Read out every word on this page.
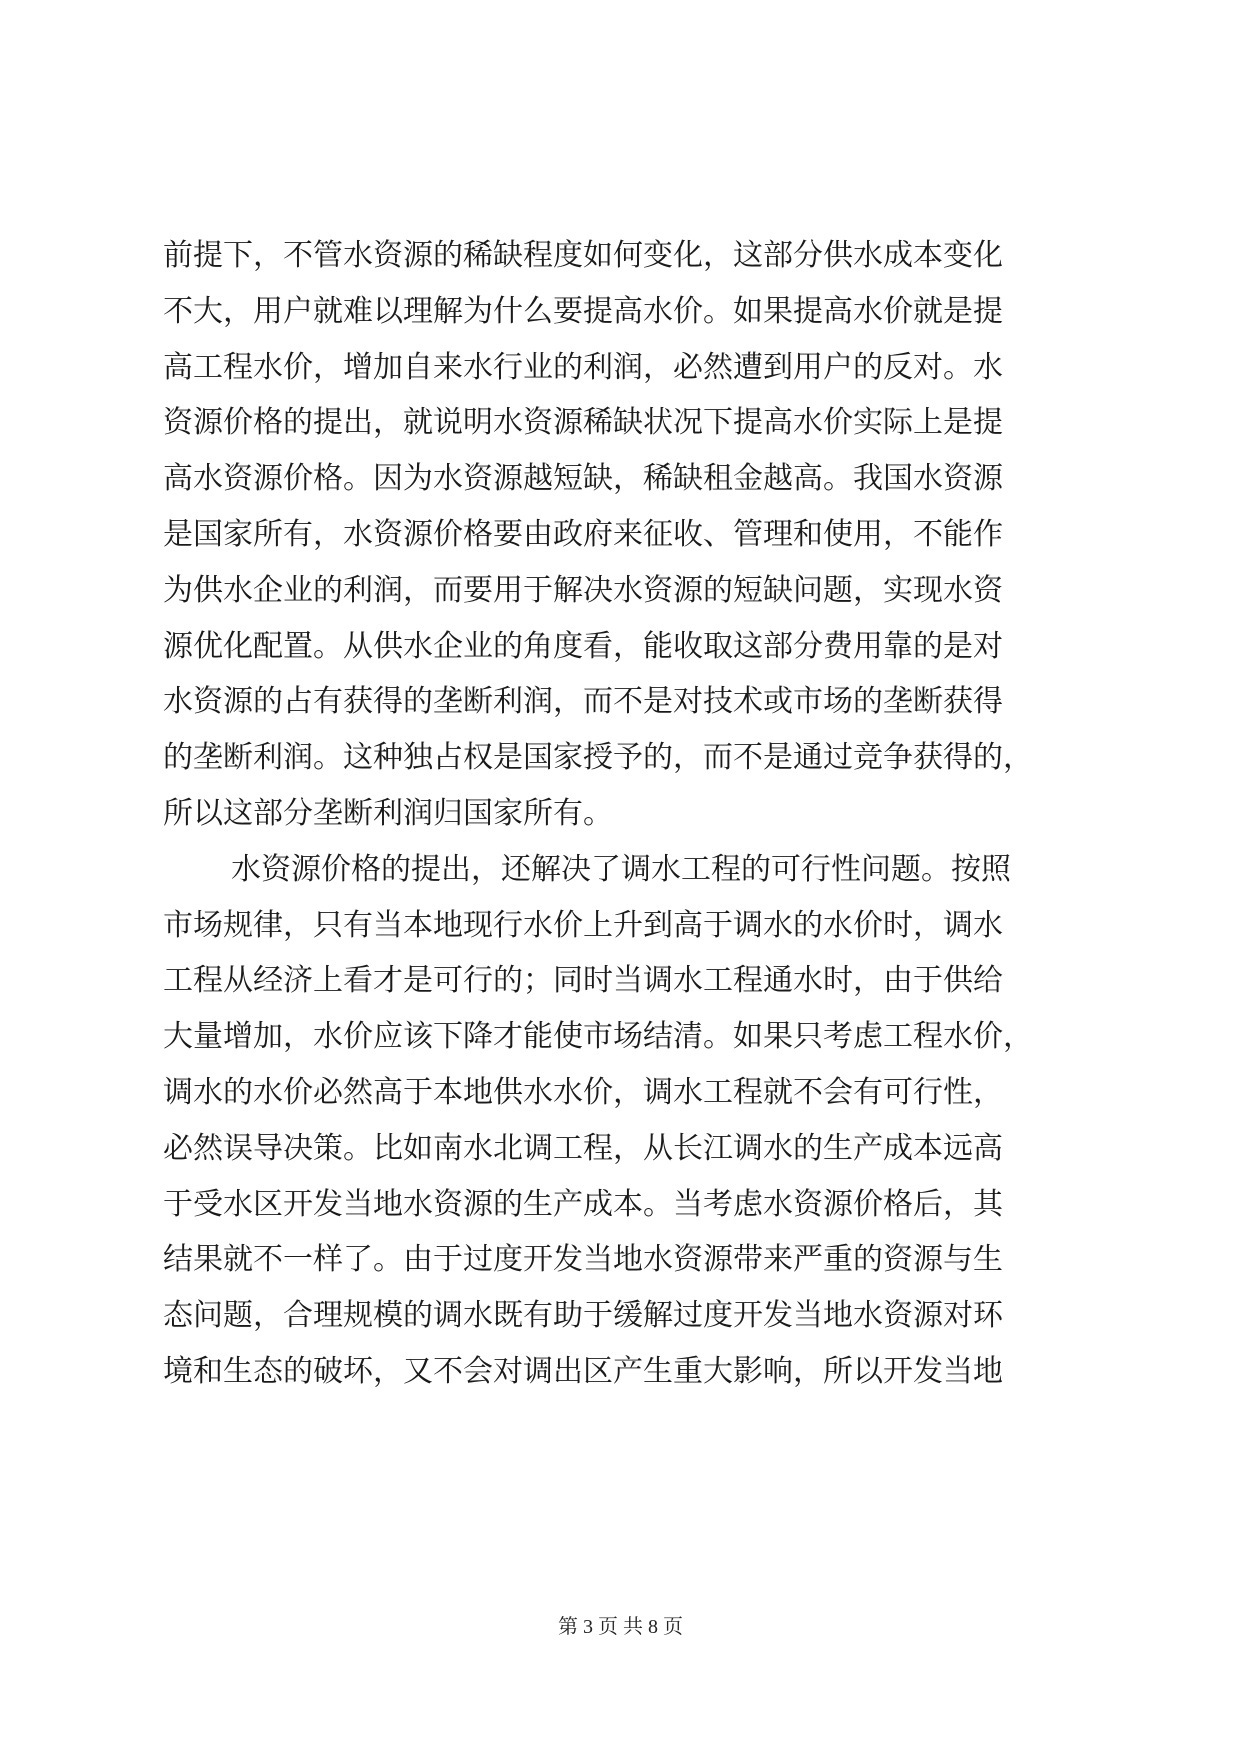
前提下，不管水资源的稀缺程度如何变化，这部分供水成本变化
不大，用户就难以理解为什么要提高水价。如果提高水价就是提
高工程水价，增加自来水行业的利润，必然遭到用户的反对。水
资源价格的提出，就说明水资源稀缺状况下提高水价实际上是提
高水资源价格。因为水资源越短缺，稀缺租金越高。我国水资源
是国家所有，水资源价格要由政府来征收、管理和使用，不能作
为供水企业的利润，而要用于解决水资源的短缺问题，实现水资
源优化配置。从供水企业的角度看，能收取这部分费用靠的是对
水资源的占有获得的垄断利润，而不是对技术或市场的垄断获得
的垄断利润。这种独占权是国家授予的，而不是通过竞争获得的，
所以这部分垄断利润归国家所有。
水资源价格的提出，还解决了调水工程的可行性问题。按照
市场规律，只有当本地现行水价上升到高于调水的水价时，调水
工程从经济上看才是可行的；同时当调水工程通水时，由于供给
大量增加，水价应该下降才能使市场结清。如果只考虑工程水价，
调水的水价必然高于本地供水水价，调水工程就不会有可行性，
必然误导决策。比如南水北调工程，从长江调水的生产成本远高
于受水区开发当地水资源的生产成本。当考虑水资源价格后，其
结果就不一样了。由于过度开发当地水资源带来严重的资源与生
态问题，合理规模的调水既有助于缓解过度开发当地水资源对环
境和生态的破坏，又不会对调出区产生重大影响，所以开发当地
第 3 页 共 8 页
